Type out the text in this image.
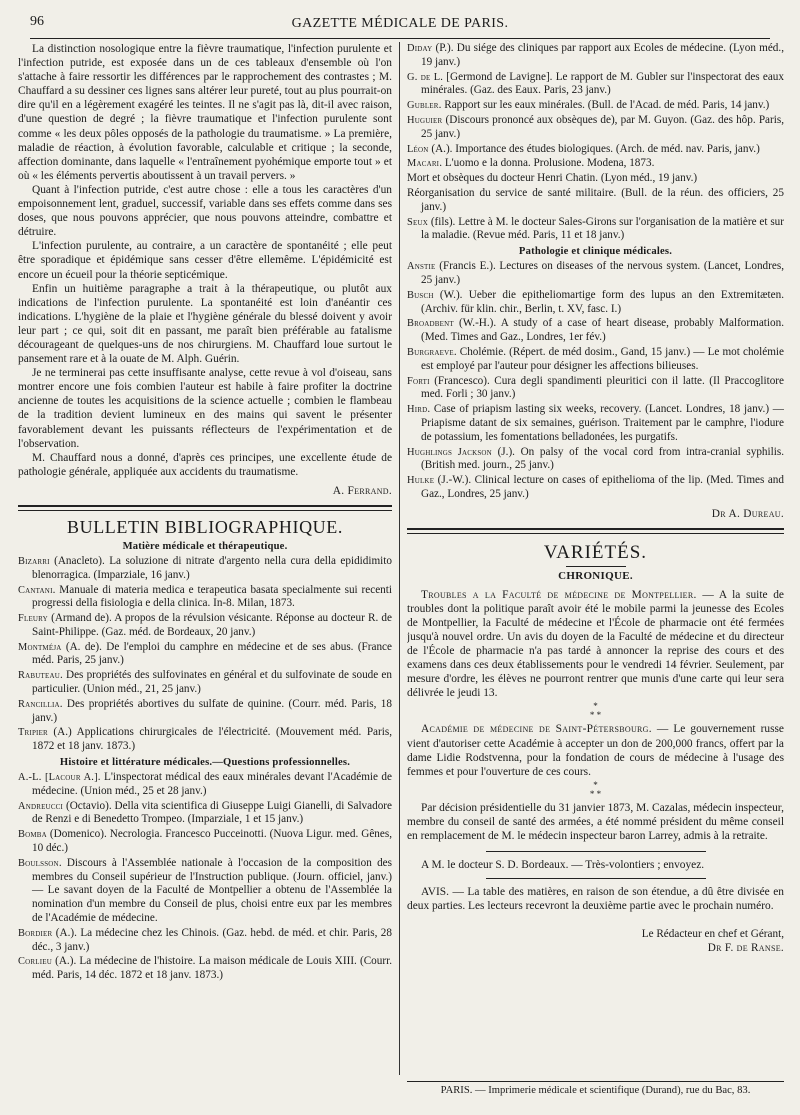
96	GAZETTE MÉDICALE DE PARIS.

La distinction nosologique entre la fièvre traumatique, l'infection purulente et l'infection putride, est exposée dans un de ces tableaux d'ensemble où l'on s'attache à faire ressortir les différences par le rapprochement des contrastes ; M. Chauffard a su dessiner ces lignes sans altérer leur pureté, tout au plus pourrait-on dire qu'il en a légèrement exagéré les teintes. Il ne s'agit pas là, dit-il avec raison, d'une question de degré ; la fièvre traumatique et l'infection purulente sont comme « les deux pôles opposés de la pathologie du traumatisme. » La première, maladie de réaction, à évolution favorable, calculable et critique ; la seconde, affection dominante, dans laquelle « l'entraînement pyohémique emporte tout » et où « les éléments pervertis aboutissent à un travail pervers. »

Quant à l'infection putride, c'est autre chose : elle a tous les caractères d'un empoisonnement lent, graduel, successif, variable dans ses effets comme dans ses doses, que nous pouvons apprécier, que nous pouvons atteindre, combattre et détruire.

L'infection purulente, au contraire, a un caractère de spontanéité ; elle peut être sporadique et épidémique sans cesser d'être ellemême. L'épidémicité est encore un écueil pour la théorie septicémique.

Enfin un huitième paragraphe a trait à la thérapeutique, ou plutôt aux indications de l'infection purulente. La spontanéité est loin d'anéantir ces indications. L'hygiène de la plaie et l'hygiène générale du blessé doivent y avoir leur part ; ce qui, soit dit en passant, me paraît bien préférable au fatalisme décourageant de quelques-uns de nos chirurgiens. M. Chauffard loue surtout le pansement rare et à la ouate de M. Alph. Guérin.

Je ne terminerai pas cette insuffisante analyse, cette revue à vol d'oiseau, sans montrer encore une fois combien l'auteur est habile à faire profiter la doctrine ancienne de toutes les acquisitions de la science actuelle ; combien le flambeau de la tradition devient lumineux en des mains qui savent le présenter favorablement devant les puissants réflecteurs de l'expérimentation et de l'observation.

M. Chauffard nous a donné, d'après ces principes, une excellente étude de pathologie générale, appliquée aux accidents du traumatisme.

A. Ferrand.
BULLETIN BIBLIOGRAPHIQUE.
Matière médicale et thérapeutique.

Bizarri (Anacleto). La soluzione di nitrate d'argento nella cura della epididimito blenorragica. (Imparziale, 16 janv.)

Cantani. Manuale di materia medica e terapeutica basata specialmente sui recenti progressi della fisiologia e della clinica. In-8. Milan, 1873.

Fleury (Armand de). A propos de la révulsion vésicante. Réponse au docteur R. de Saint-Philippe. (Gaz. méd. de Bordeaux, 20 janv.)

Montméja (A. de). De l'emploi du camphre en médecine et de ses abus. (France méd. Paris, 25 janv.)

Rabuteau. Des propriétés des sulfovinates en général et du sulfovinate de soude en particulier. (Union méd., 21, 25 janv.)

Rancillia. Des propriétés abortives du sulfate de quinine. (Courr. méd. Paris, 18 janv.)

Tripier (A.) Applications chirurgicales de l'électricité. (Mouvement méd. Paris, 1872 et 18 janv. 1873.)

Histoire et littérature médicales.—Questions professionnelles.

A.-L. [Lacour A.]. L'inspectorat médical des eaux minérales devant l'Académie de médecine. (Union méd., 25 et 28 janv.)

Andreucci (Octavio). Della vita scientifica di Giuseppe Luigi Gianelli, di Salvadore de Renzi e di Benedetto Trompeo. (Imparziale, 1 et 15 janv.)

Bomba (Domenico). Necrologia. Francesco Pucceinotti. (Nuova Ligur. med. Gênes, 10 déc.)

Boulsson. Discours à l'Assemblée nationale à l'occasion de la composition des membres du Conseil supérieur de l'Instruction publique. (Journ. officiel, janv.) — Le savant doyen de la Faculté de Montpellier a obtenu de l'Assemblée la nomination d'un membre du Conseil de plus, choisi entre eux par les membres de l'Académie de médecine.

Bordier (A.). La médecine chez les Chinois. (Gaz. hebd. de méd. et chir. Paris, 28 déc., 3 janv.)

Corlieu (A.). La médecine de l'histoire. La maison médicale de Louis XIII. (Courr. méd. Paris, 14 déc. 1872 et 18 janv. 1873.)

Diday (P.). Du siége des cliniques par rapport aux Ecoles de médecine. (Lyon méd., 19 janv.)

G. de L. [Germond de Lavigne]. Le rapport de M. Gubler sur l'inspectorat des eaux minérales. (Gaz. des Eaux. Paris, 23 janv.)

Gubler. Rapport sur les eaux minérales. (Bull. de l'Acad. de méd. Paris, 14 janv.)

Huguier (Discours prononcé aux obsèques de), par M. Guyon. (Gaz. des hôp. Paris, 25 janv.)

Léon (A.). Importance des études biologiques. (Arch. de méd. nav. Paris, janv.)

Macari. L'uomo e la donna. Prolusione. Modena, 1873.

Mort et obsèques du docteur Henri Chatin. (Lyon méd., 19 janv.)

Réorganisation du service de santé militaire. (Bull. de la réun. des officiers, 25 janv.)

Seux (fils). Lettre à M. le docteur Sales-Girons sur l'organisation de la matière et sur la maladie. (Revue méd. Paris, 11 et 18 janv.)

Pathologie et clinique médicales.

Anstie (Francis E.). Lectures on diseases of the nervous system. (Lancet, Londres, 25 janv.)

Busch (W.). Ueber die epitheliomartige form des lupus an den Extremitæten. (Archiv. für klin. chir., Berlin, t. XV, fasc. I.)

Broadbent (W.-H.). A study of a case of heart disease, probably Malformation. (Med. Times and Gaz., Londres, 1er fév.)

Burgraeve. Cholémie. (Répert. de méd dosim., Gand, 15 janv.) — Le mot cholémie est employé par l'auteur pour désigner les affections bilieuses.

Forti (Francesco). Cura degli spandimenti pleuritici con il latte. (Il Praccoglitore med. Forli ; 30 janv.)

Hird. Case of priapism lasting six weeks, recovery. (Lancet. Londres, 18 janv.) — Priapisme datant de six semaines, guérison. Traitement par le camphre, l'iodure de potassium, les fomentations belladonées, les purgatifs.

Hughlings Jackson (J.). On palsy of the vocal cord from intra-cranial syphilis. (British med. journ., 25 janv.)

Hulke (J.-W.). Clinical lecture on cases of epithelioma of the lip. (Med. Times and Gaz., Londres, 25 janv.)

Dr A. Dureau.
VARIÉTÉS.
CHRONIQUE.

Troubles a la Faculté de médecine de Montpellier. — A la suite de troubles dont la politique paraît avoir été le mobile parmi la jeunesse des Ecoles de Montpellier, la Faculté de médecine et l'École de pharmacie ont été fermées jusqu'à nouvel ordre. Un avis du doyen de la Faculté de médecine et du directeur de l'École de pharmacie n'a pas tardé à annoncer la reprise des cours et des examens dans ces deux établissements pour le vendredi 14 février. Seulement, par mesure d'ordre, les élèves ne pourront rentrer que munis d'une carte qui leur sera délivrée le jeudi 13.

*
* *

Académie de médecine de Saint-Pétersbourg. — Le gouvernement russe vient d'autoriser cette Académie à accepter un don de 200,000 francs, offert par la dame Lidie Rodstvenna, pour la fondation de cours de médecine à l'usage des femmes et pour l'ouverture de ces cours.

*
* *

Par décision présidentielle du 31 janvier 1873, M. Cazalas, médecin inspecteur, membre du conseil de santé des armées, a été nommé président du même conseil en remplacement de M. le médecin inspecteur baron Larrey, admis à la retraite.

A M. le docteur S. D. Bordeaux. — Très-volontiers ; envoyez.

AVIS. — La table des matières, en raison de son étendue, a dû être divisée en deux parties. Les lecteurs recevront la deuxième partie avec le prochain numéro.

Le Rédacteur en chef et Gérant,
Dr F. de Ranse.
PARIS. — Imprimerie médicale et scientifique (Durand), rue du Bac, 83.
